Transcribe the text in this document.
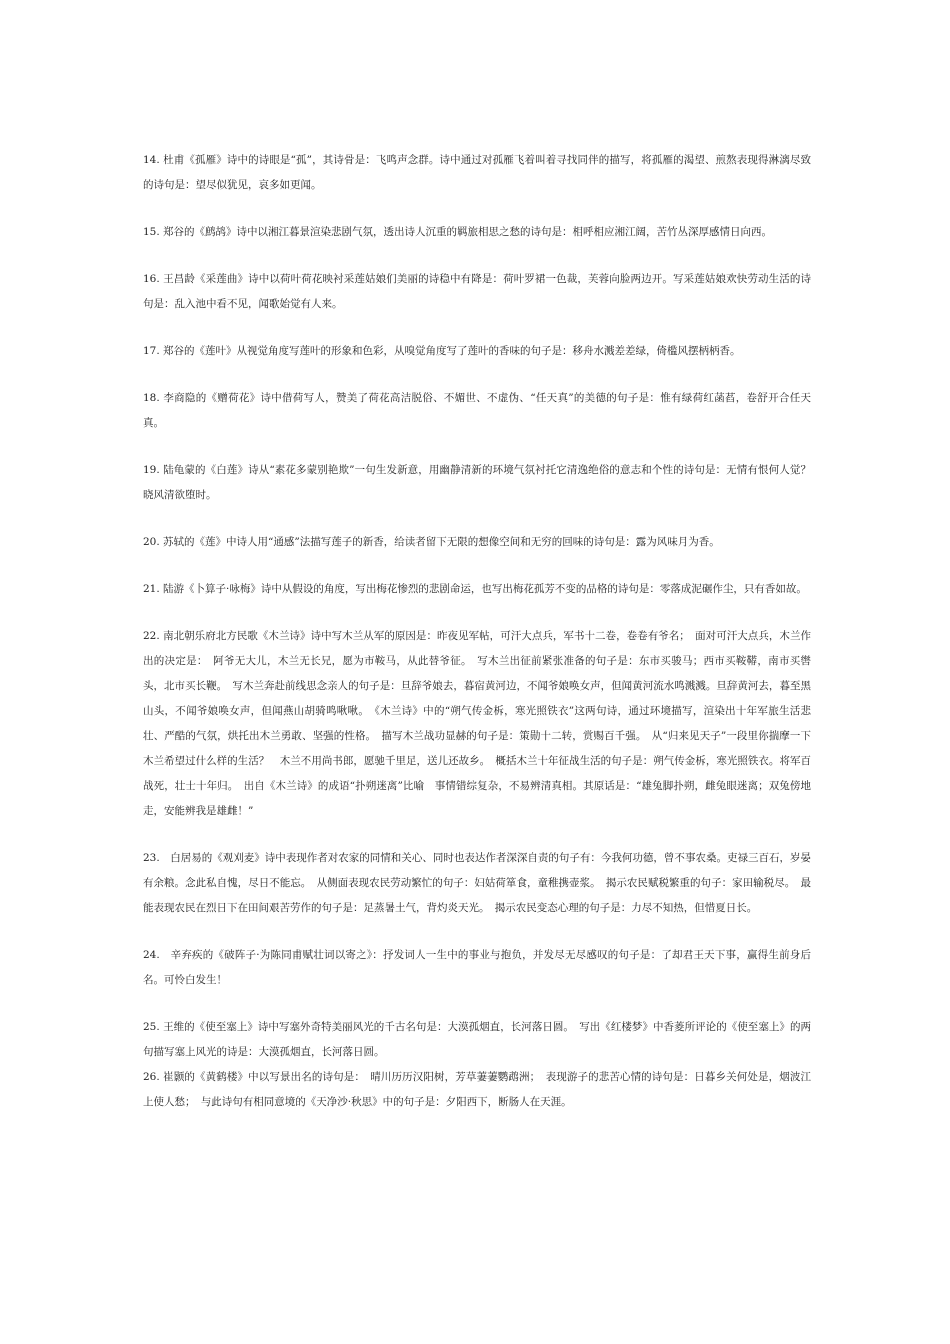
14. 杜甫《孤雁》诗中的诗眼是“孤”，其诗骨是：飞鸣声念群。诗中通过对孤雁飞着叫着寻找同伴的描写，将孤雁的渴望、煎熬表现得淋漓尽致的诗句是：望尽似犹见，哀多如更闻。

15. 郑谷的《鹧鸪》诗中以湘江暮景渲染悲剧气氛，透出诗人沉重的羁旅相思之愁的诗句是：相呼相应湘江阔，苦竹丛深厚感情日向西。

16. 王昌龄《采莲曲》诗中以荷叶荷花映衬采莲姑娘们美丽的诗稳中有降是：荷叶罗裙一色裁，芙蓉向脸两边开。写采莲姑娘欢快劳动生活的诗句是：乱入池中看不见，闻歌始觉有人来。

17. 郑谷的《莲叶》从视觉角度写莲叶的形象和色彩，从嗅觉角度写了莲叶的香味的句子是：移舟水溅差差绿，倚槛风摆柄柄香。

18. 李商隐的《赠荷花》诗中借荷写人，赞美了荷花高洁脱俗、不媚世、不虚伪、“任天真”的美德的句子是：惟有绿荷红菡萏，卷舒开合任天真。

19. 陆龟蒙的《白莲》诗从“素花多蒙别艳欺”一句生发新意，用幽静清新的环境气氛衬托它清逸绝俗的意志和个性的诗句是：无情有恨何人觉？晓风清欲堕时。

20. 苏轼的《莲》中诗人用“通感”法描写莲子的新香，给读者留下无限的想像空间和无穷的回味的诗句是：露为风味月为香。

21. 陆游《卜算子·咏梅》诗中从假设的角度，写出梅花惨烈的悲剧命运，也写出梅花孤芳不变的品格的诗句是：零落成泥碾作尘，只有香如故。

22. 南北朝乐府北方民歌《木兰诗》诗中写木兰从军的原因是：昨夜见军帖，可汗大点兵，军书十二卷，卷卷有爷名；　面对可汗大点兵，木兰作出的决定是：　阿爷无大儿，木兰无长兄，愿为市鞍马，从此替爷征。　写木兰出征前紧张准备的句子是：东市买骏马；西市买鞍鞯，南市买辔头，北市买长鞭。　写木兰奔赴前线思念亲人的句子是：旦辞爷娘去，暮宿黄河边，不闻爷娘唤女声，但闻黄河流水鸣溅溅。旦辞黄河去，暮至黑山头，不闻爷娘唤女声，但闻燕山胡骑鸣啾啾。　《木兰诗》中的“朔气传金柝，寒光照铁衣”这两句诗，通过环境描写，渲染出十年军旅生活悲壮、严酷的气氛，烘托出木兰勇敢、坚强的性格。　描写木兰战功显赫的句子是：策勋十二转，赏赐百千强。　从“归来见天子”一段里你揣摩一下木兰希望过什么样的生活？　木兰不用尚书郎，愿驰千里足，送儿还故乡。　概括木兰十年征战生活的句子是：朔气传金柝，寒光照铁衣。将军百战死，壮士十年归。　出自《木兰诗》的成语“扑朔迷离”比喻　事情错综复杂，不易辨清真相。其原话是：“雄兔脚扑朔，雌兔眼迷离；双兔傍地走，安能辨我是雄雌！”

23.　白居易的《观刈麦》诗中表现作者对农家的同情和关心、同时也表达作者深深自责的句子有：今我何功德，曾不事农桑。吏禄三百石，岁晏有余粮。念此私自愧，尽日不能忘。　从侧面表现农民劳动繁忙的句子：妇姑荷箪食，童稚携壶浆。　揭示农民赋税繁重的句子：家田输税尽。　最能表现农民在烈日下在田间艰苦劳作的句子是：足蒸暑土气，背灼炎天光。　揭示农民变态心理的句子是：力尽不知热，但惜夏日长。

24.　辛弃疾的《破阵子·为陈同甫赋壮词以寄之》：抒发词人一生中的事业与抱负，并发尽无尽感叹的句子是：了却君王天下事，赢得生前身后名。可怜白发生！

25. 王维的《使至塞上》诗中写塞外奇特美丽风光的千古名句是：大漠孤烟直，长河落日圆。　写出《红楼梦》中香菱所评论的《使至塞上》的两句描写塞上风光的诗是：大漠孤烟直，长河落日圆。

26. 崔颢的《黄鹤楼》中以写景出名的诗句是：　晴川历历汉阳树，芳草萋萋鹦鹉洲；　表现游子的悲苦心情的诗句是：日暮乡关何处是，烟波江上使人愁；　与此诗句有相同意境的《天净沙·秋思》中的句子是：夕阳西下，断肠人在天涯。
